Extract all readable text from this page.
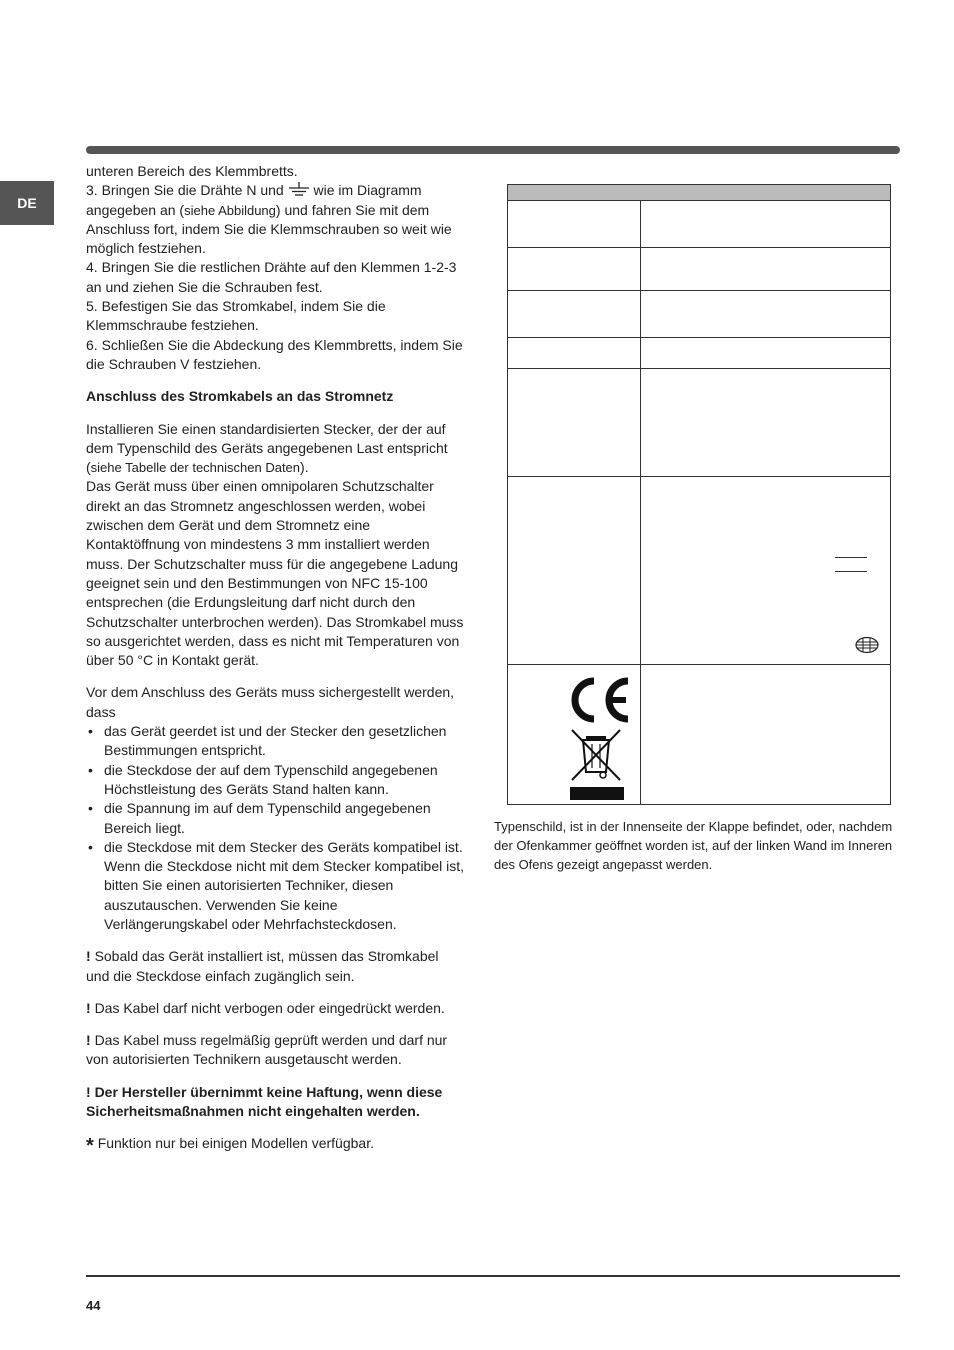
DE

unteren Bereich des Klemmbretts.

3. Bringen Sie die Drähte N und  wie im Diagramm angegeben an (siehe Abbildung) und fahren Sie mit dem Anschluss fort, indem Sie die Klemmschrauben so weit wie möglich festziehen.

4. Bringen Sie die restlichen Drähte auf den Klemmen 1-2-3 an und ziehen Sie die Schrauben fest.

5. Befestigen Sie das Stromkabel, indem Sie die Klemmschraube festziehen.

6. Schließen Sie die Abdeckung des Klemmbretts, indem Sie die Schrauben V festziehen.

Anschluss des Stromkabels an das Stromnetz

Installieren Sie einen standardisierten Stecker, der der auf dem Typenschild des Geräts angegebenen Last entspricht (siehe Tabelle der technischen Daten).

Das Gerät muss über einen omnipolaren Schutzschalter direkt an das Stromnetz angeschlossen werden, wobei zwischen dem Gerät und dem Stromnetz eine Kontaktöffnung von mindestens 3 mm installiert werden muss. Der Schutzschalter muss für die angegebene Ladung geeignet sein und den Bestimmungen von NFC 15-100 entsprechen (die Erdungsleitung darf nicht durch den Schutzschalter unterbrochen werden). Das Stromkabel muss so ausgerichtet werden, dass es nicht mit Temperaturen von über 50 °C in Kontakt gerät.

Vor dem Anschluss des Geräts muss sichergestellt werden, dass

• das Gerät geerdet ist und der Stecker den gesetzlichen Bestimmungen entspricht.
• die Steckdose der auf dem Typenschild angegebenen Höchstleistung des Geräts Stand halten kann.
• die Spannung im auf dem Typenschild angegebenen Bereich liegt.
• die Steckdose mit dem Stecker des Geräts kompatibel ist. Wenn die Steckdose nicht mit dem Stecker kompatibel ist, bitten Sie einen autorisierten Techniker, diesen auszutauschen. Verwenden Sie keine Verlängerungskabel oder Mehrfachsteckdosen.

! Sobald das Gerät installiert ist, müssen das Stromkabel und die Steckdose einfach zugänglich sein.

! Das Kabel darf nicht verbogen oder eingedrückt werden.

! Das Kabel muss regelmäßig geprüft werden und darf nur von autorisierten Technikern ausgetauscht werden.

! Der Hersteller übernimmt keine Haftung, wenn diese Sicherheitsmaßnahmen nicht eingehalten werden.

* Funktion nur bei einigen Modellen verfügbar.

Typenschild, ist in der Innenseite der Klappe befindet, oder, nachdem der Ofenkammer geöffnet worden ist, auf der linken Wand im Inneren des Ofens gezeigt angepasst werden.
44
